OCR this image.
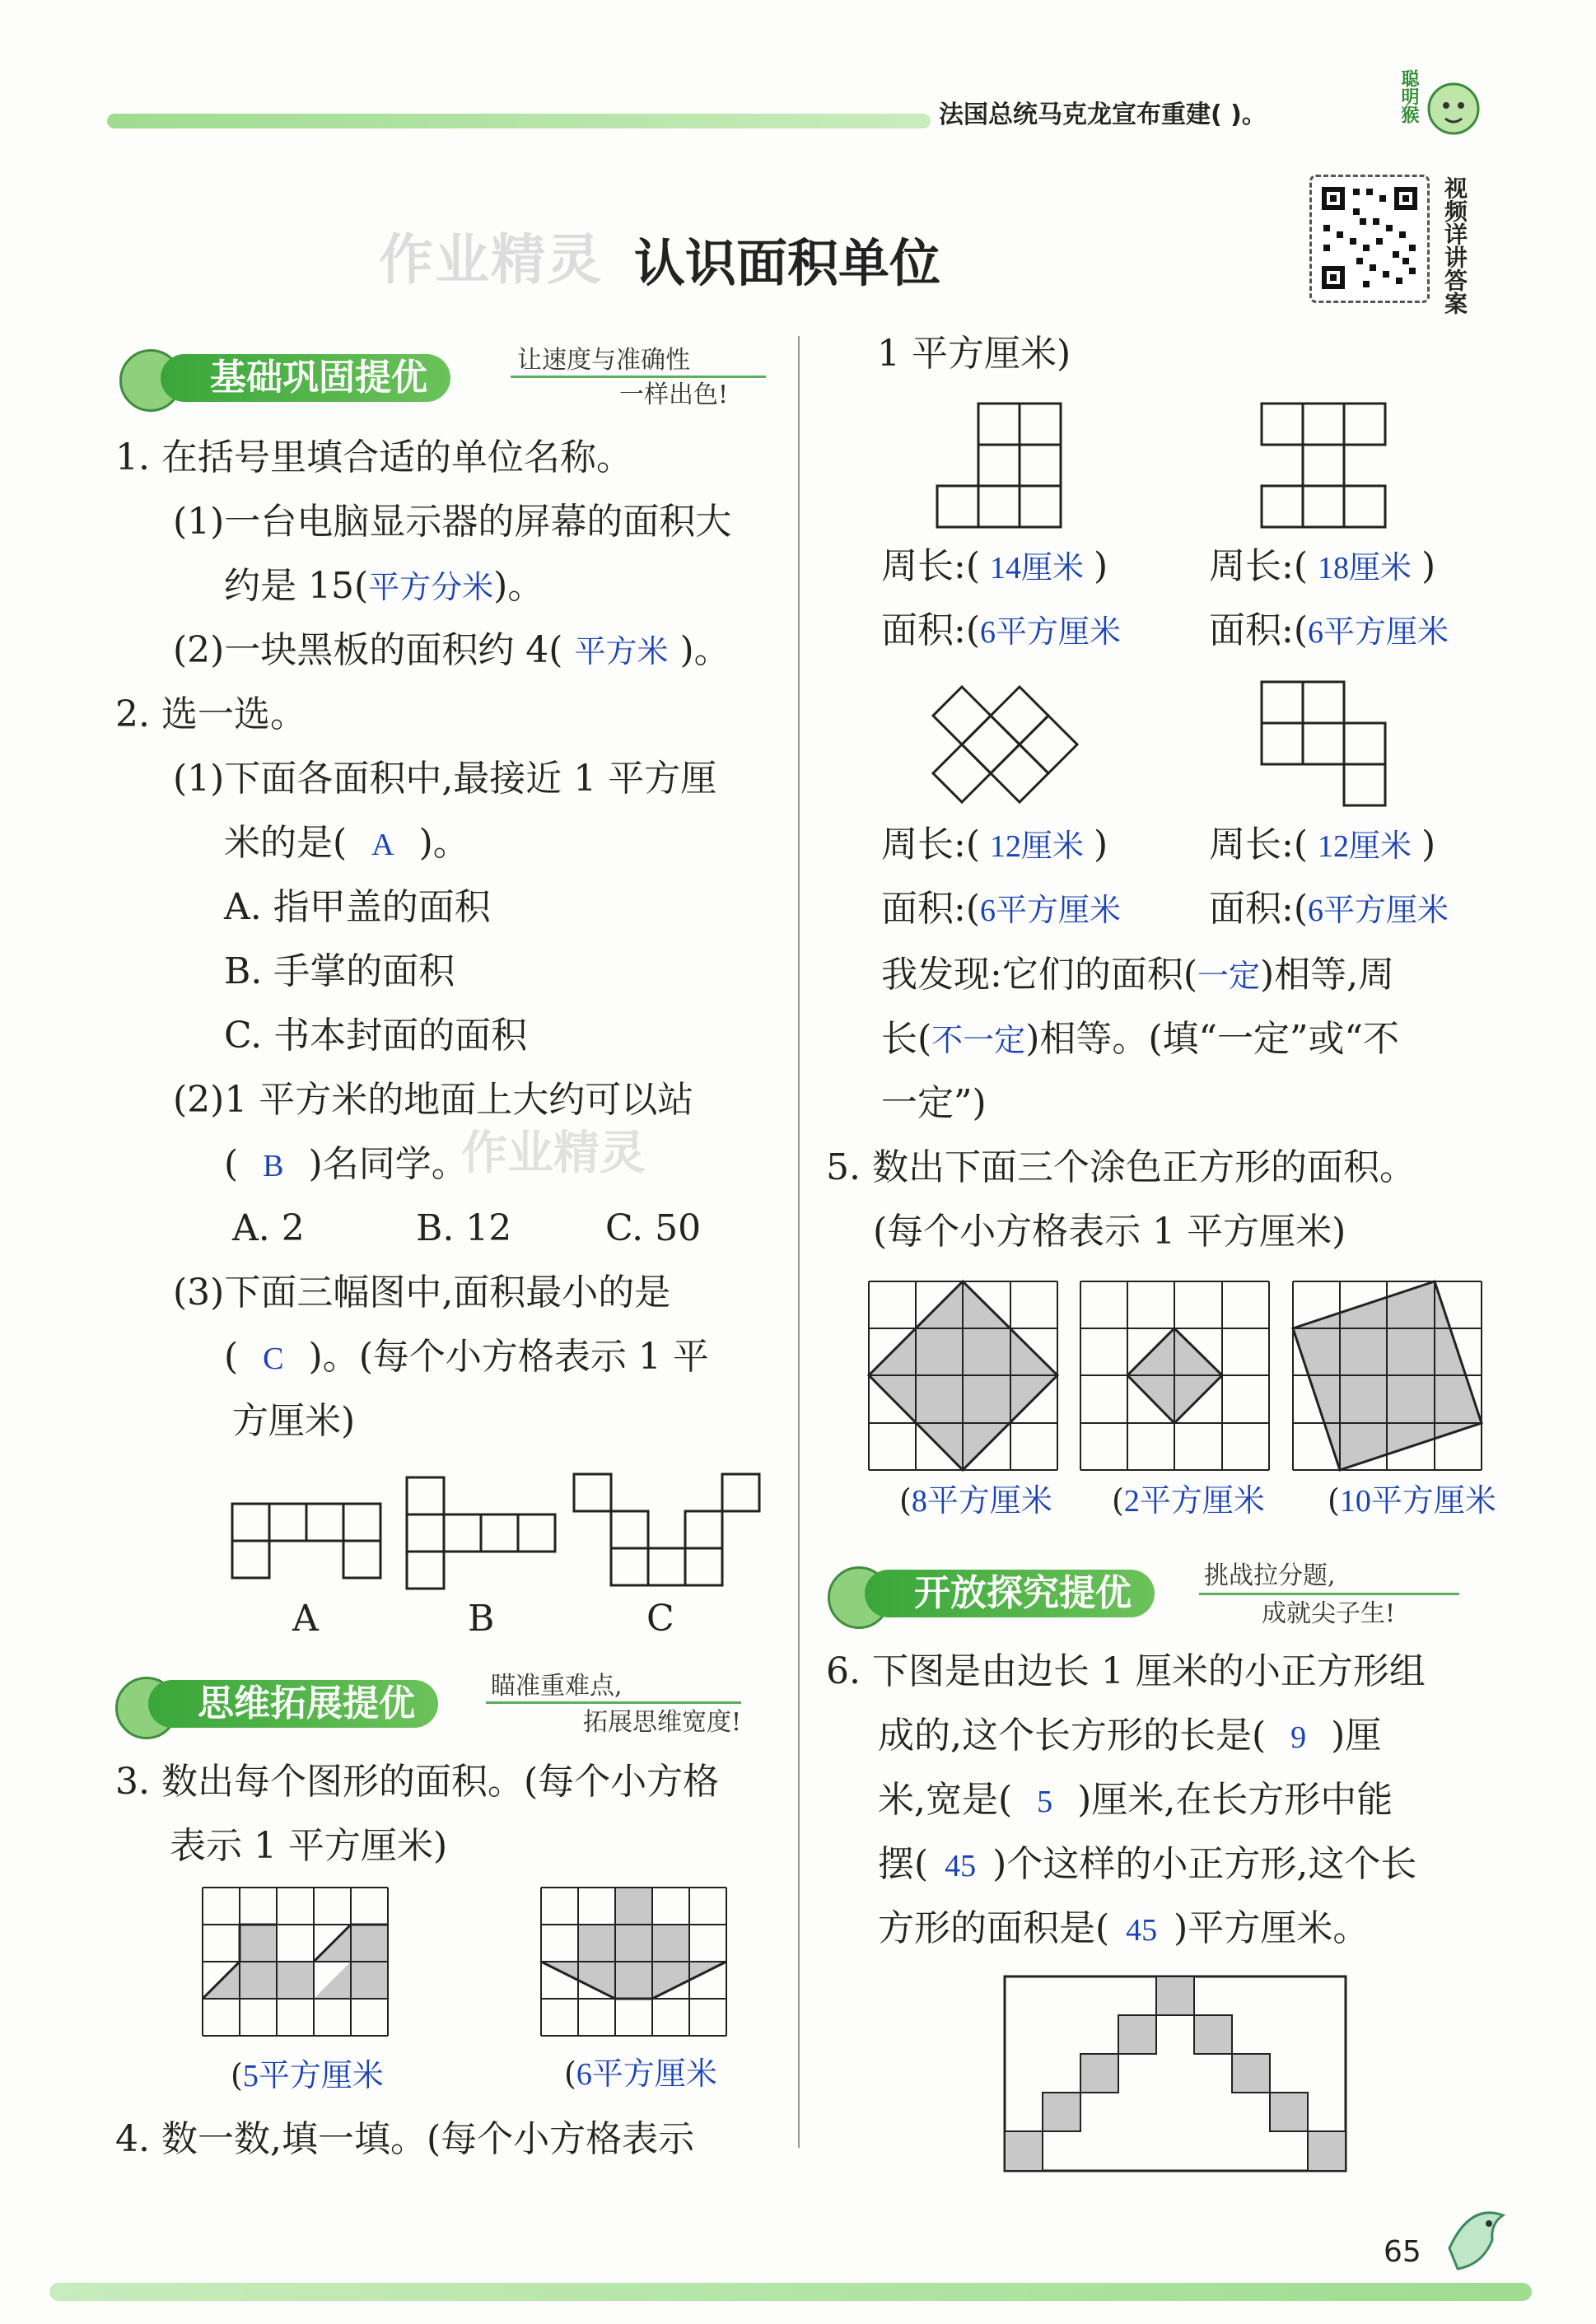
法国总统马克龙宣布重建( )。	聪明猴
作业精灵 认识面积单位	视频详讲答案
基础巩固提优	让速度与准确性
一样出色!
1. 在括号里填合适的单位名称。
(1)一台电脑显示器的屏幕的面积大
约是 15(平方分米)。
(2)一块黑板的面积约 4( 平方米 )。
2. 选一选。
(1)下面各面积中,最接近 1 平方厘
米的是( A )。
A. 指甲盖的面积
B. 手掌的面积
C. 书本封面的面积
(2)1 平方米的地面上大约可以站
( B )名同学。
作业精灵
A. 2	B. 12	C. 50
(3)下面三幅图中,面积最小的是
( C )。(每个小方格表示 1 平
方厘米)
A	B	C
思维拓展提优	瞄准重难点,
拓展思维宽度!
3. 数出每个图形的面积。(每个小方格
表示 1 平方厘米)
(5平方厘米	(6平方厘米
4. 数一数,填一填。(每个小方格表示
1 平方厘米)
周长:( 14厘米 )	周长:( 18厘米 )
面积:(6平方厘米 面积:(6平方厘米
周长:( 12厘米 )	周长:( 12厘米 )
面积:(6平方厘米 面积:(6平方厘米
我发现:它们的面积(一定)相等,周
长(不一定)相等。(填“一定”或“不
一定”)
5. 数出下面三个涂色正方形的面积。
(每个小方格表示 1 平方厘米)
(8平方厘米 (2平方厘米 (10平方厘米
开放探究提优	挑战拉分题,
成就尖子生!
6. 下图是由边长 1 厘米的小正方形组
成的,这个长方形的长是( 9 )厘
米,宽是( 5 )厘米,在长方形中能
摆( 45 )个这样的小正方形,这个长
方形的面积是( 45 )平方厘米。
65
